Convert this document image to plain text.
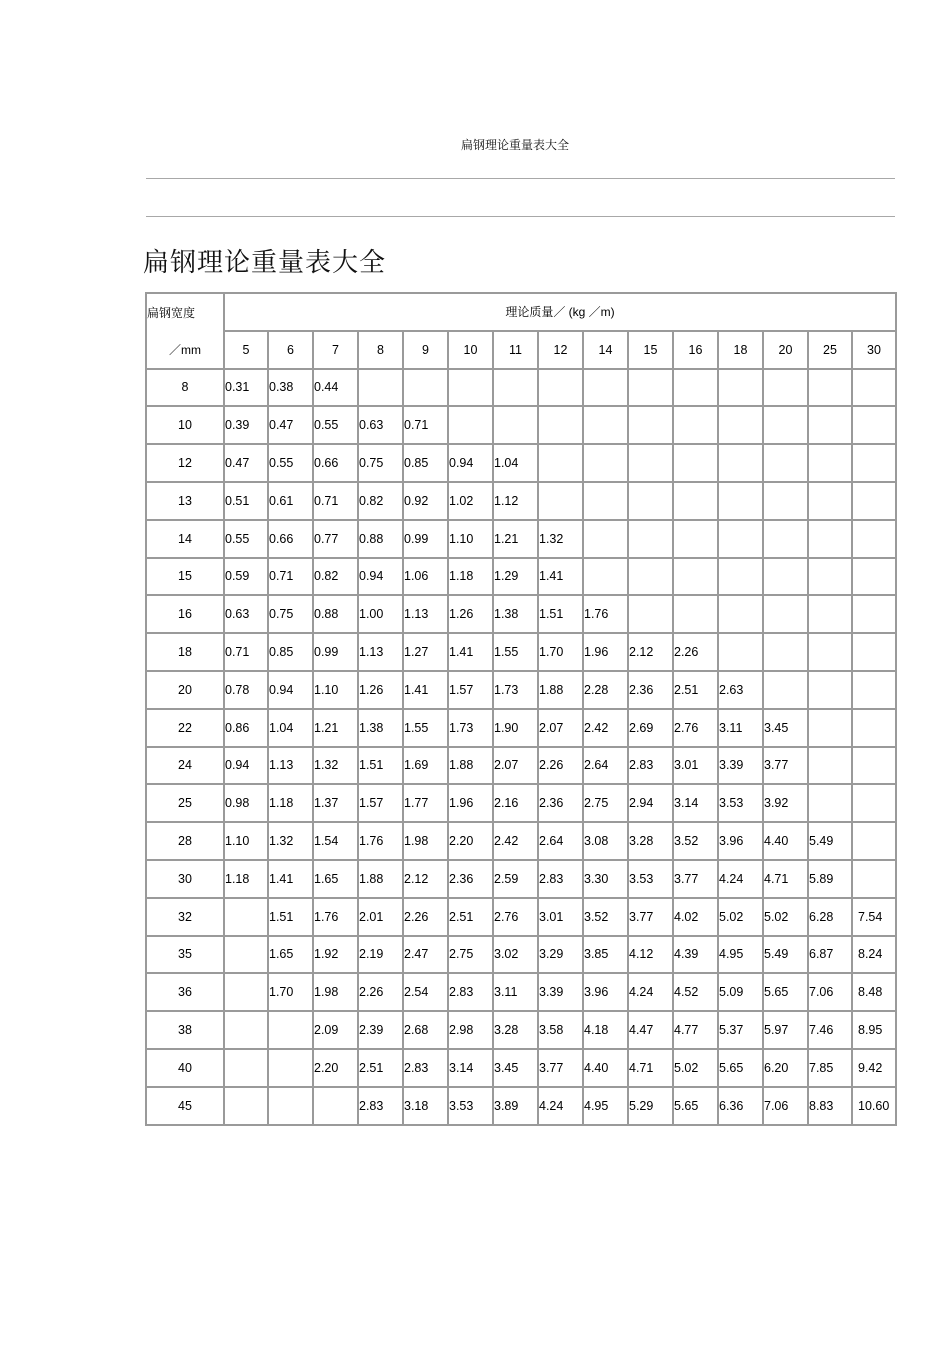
扁钢理论重量表大全
扁钢理论重量表大全
扁钢宽度	理论质量／ (kg ／m)														
／mm	5	6	7	8	9	10	11	12	14	15	16	18	20	25	30
8	0.31	0.38	0.44												
10	0.39	0.47	0.55	0.63	0.71										
12	0.47	0.55	0.66	0.75	0.85	0.94	1.04								
13	0.51	0.61	0.71	0.82	0.92	1.02	1.12								
14	0.55	0.66	0.77	0.88	0.99	1.10	1.21	1.32							
15	0.59	0.71	0.82	0.94	1.06	1.18	1.29	1.41							
16	0.63	0.75	0.88	1.00	1.13	1.26	1.38	1.51	1.76						
18	0.71	0.85	0.99	1.13	1.27	1.41	1.55	1.70	1.96	2.12	2.26				
20	0.78	0.94	1.10	1.26	1.41	1.57	1.73	1.88	2.28	2.36	2.51	2.63			
22	0.86	1.04	1.21	1.38	1.55	1.73	1.90	2.07	2.42	2.69	2.76	3.11	3.45		
24	0.94	1.13	1.32	1.51	1.69	1.88	2.07	2.26	2.64	2.83	3.01	3.39	3.77		
25	0.98	1.18	1.37	1.57	1.77	1.96	2.16	2.36	2.75	2.94	3.14	3.53	3.92		
28	1.10	1.32	1.54	1.76	1.98	2.20	2.42	2.64	3.08	3.28	3.52	3.96	4.40	5.49	
30	1.18	1.41	1.65	1.88	2.12	2.36	2.59	2.83	3.30	3.53	3.77	4.24	4.71	5.89	
32		1.51	1.76	2.01	2.26	2.51	2.76	3.01	3.52	3.77	4.02	5.02	5.02	6.28	7.54
35		1.65	1.92	2.19	2.47	2.75	3.02	3.29	3.85	4.12	4.39	4.95	5.49	6.87	8.24
36		1.70	1.98	2.26	2.54	2.83	3.11	3.39	3.96	4.24	4.52	5.09	5.65	7.06	8.48
38			2.09	2.39	2.68	2.98	3.28	3.58	4.18	4.47	4.77	5.37	5.97	7.46	8.95
40			2.20	2.51	2.83	3.14	3.45	3.77	4.40	4.71	5.02	5.65	6.20	7.85	9.42
45				2.83	3.18	3.53	3.89	4.24	4.95	5.29	5.65	6.36	7.06	8.83	10.60
